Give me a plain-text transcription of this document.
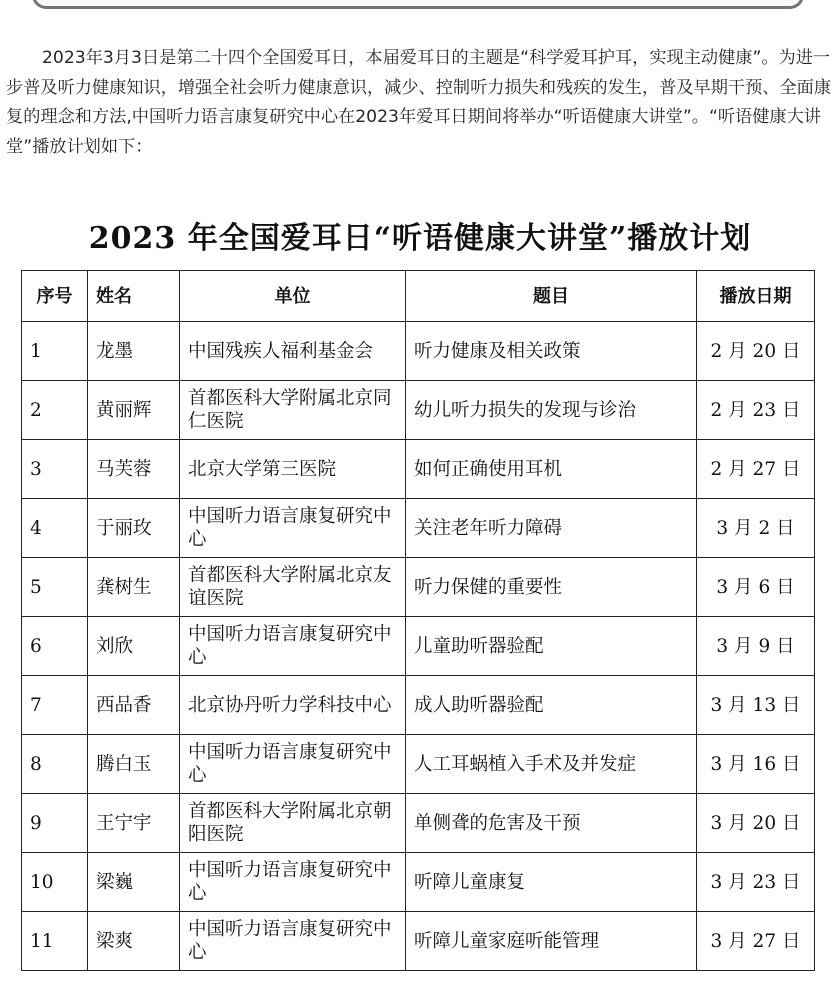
2023年3月3日是第二十四个全国爱耳日，本届爱耳日的主题是“科学爱耳护耳，实现主动健康”。为进一步普及听力健康知识，增强全社会听力健康意识，减少、控制听力损失和残疾的发生，普及早期干预、全面康复的理念和方法,中国听力语言康复研究中心在2023年爱耳日期间将举办“听语健康大讲堂”。“听语健康大讲堂”播放计划如下：

2023 年全国爱耳日“听语健康大讲堂”播放计划
序号	姓名	单位	题目	播放日期
1	龙墨	中国残疾人福利基金会	听力健康及相关政策	2 月 20 日
2	黄丽辉	首都医科大学附属北京同仁医院	幼儿听力损失的发现与诊治	2 月 23 日
3	马芙蓉	北京大学第三医院	如何正确使用耳机	2 月 27 日
4	于丽玫	中国听力语言康复研究中心	关注老年听力障碍	3 月 2 日
5	龚树生	首都医科大学附属北京友谊医院	听力保健的重要性	3 月 6 日
6	刘欣	中国听力语言康复研究中心	儿童助听器验配	3 月 9 日
7	西品香	北京协丹听力学科技中心	成人助听器验配	3 月 13 日
8	腾白玉	中国听力语言康复研究中心	人工耳蜗植入手术及并发症	3 月 16 日
9	王宁宇	首都医科大学附属北京朝阳医院	单侧聋的危害及干预	3 月 20 日
10	梁巍	中国听力语言康复研究中心	听障儿童康复	3 月 23 日
11	梁爽	中国听力语言康复研究中心	听障儿童家庭听能管理	3 月 27 日
